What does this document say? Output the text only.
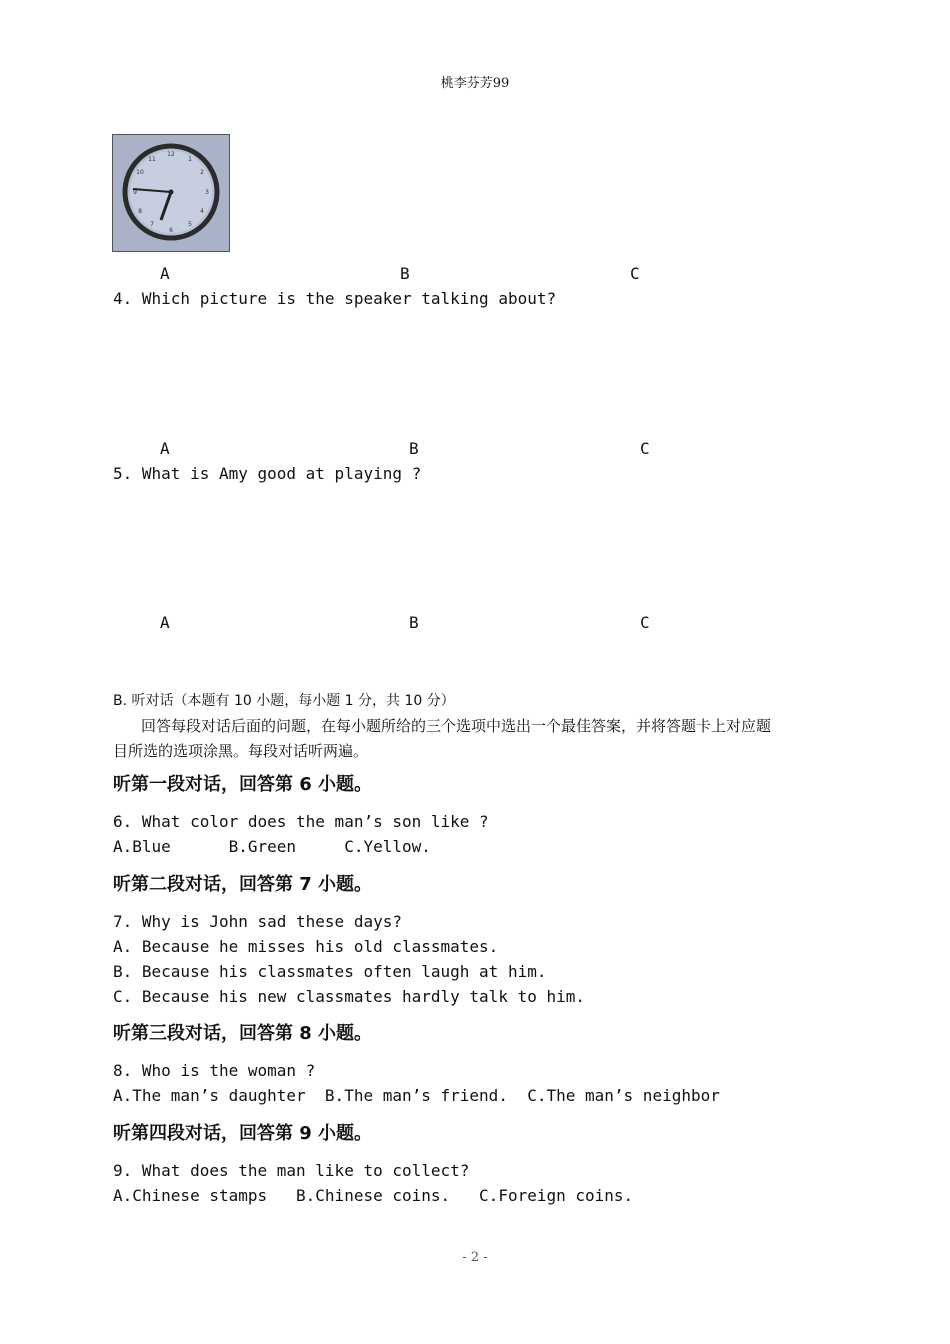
桃李芬芳99
12
1
2
3
4
5
6
7
8
9
10
11
A	B	C
4. Which picture is the speaker talking about?
A	B	C
5. What is Amy good at playing ?
A	B	C
B. 听对话（本题有 10 小题，每小题 1 分，共 10 分）
回答每段对话后面的问题，在每小题所给的三个选项中选出一个最佳答案，并将答题卡上对应题
目所选的选项涂黑。每段对话听两遍。
听第一段对话，回答第 6 小题。
6. What color does the man’s son like ?
A.Blue      B.Green     C.Yellow.
听第二段对话，回答第 7 小题。
7. Why is John sad these days?
A. Because he misses his old classmates.
B. Because his classmates often laugh at him.
C. Because his new classmates hardly talk to him.
听第三段对话，回答第 8 小题。
8. Who is the woman ?
A.The man’s daughter  B.The man’s friend.  C.The man’s neighbor
听第四段对话，回答第 9 小题。
9. What does the man like to collect?
A.Chinese stamps   B.Chinese coins.   C.Foreign coins.
- 2 -
